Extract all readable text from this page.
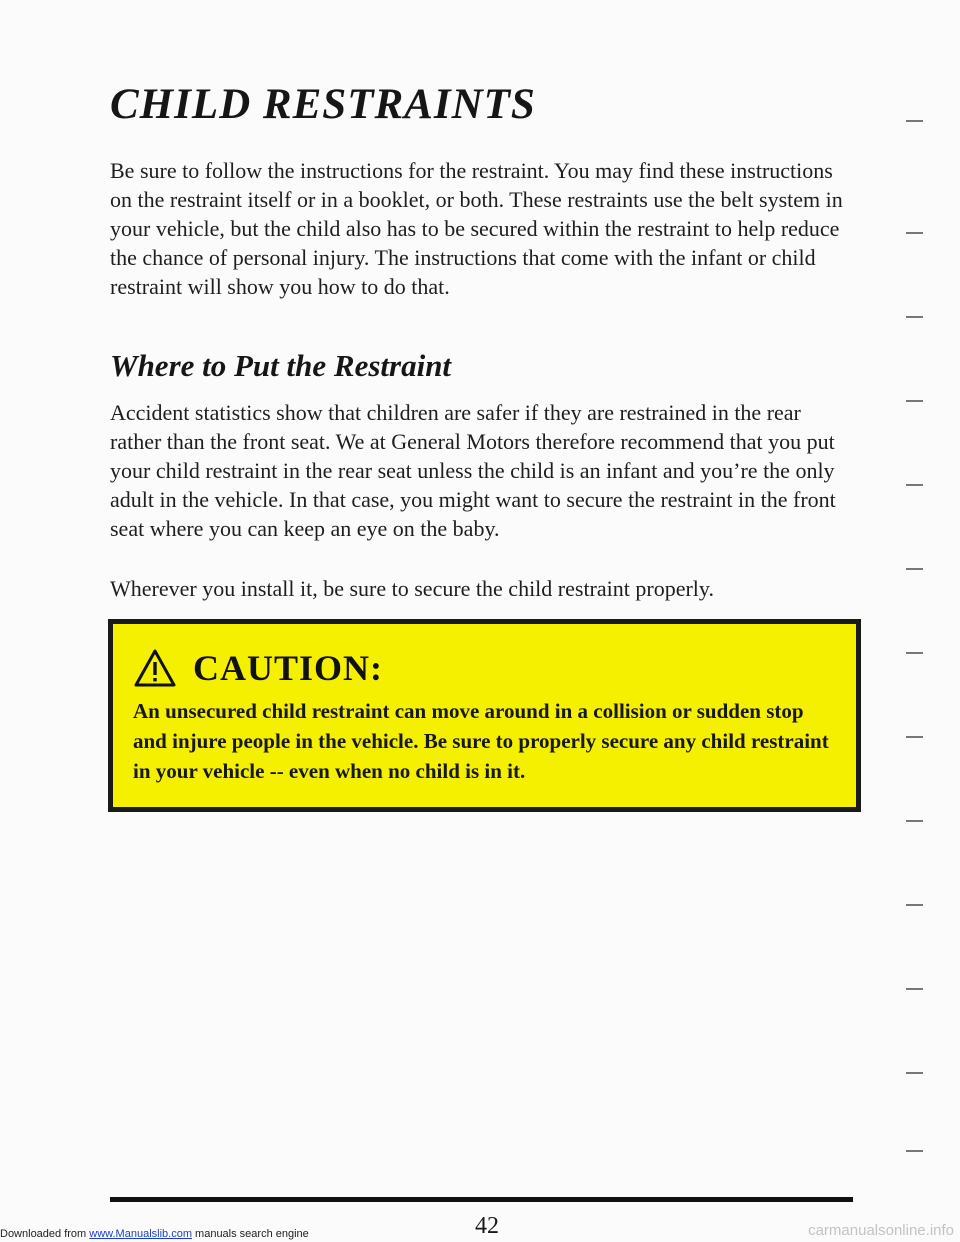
CHILD RESTRAINTS

Be sure to follow the instructions for the restraint. You may find these instructions on the restraint itself or in a booklet, or both. These restraints use the belt system in your vehicle, but the child also has to be secured within the restraint to help reduce the chance of personal injury. The instructions that come with the infant or child restraint will show you how to do that.

Where to Put the Restraint

Accident statistics show that children are safer if they are restrained in the rear rather than the front seat. We at General Motors therefore recommend that you put your child restraint in the rear seat unless the child is an infant and you’re the only adult in the vehicle. In that case, you might want to secure the restraint in the front seat where you can keep an eye on the baby.

Wherever you install it, be sure to secure the child restraint properly.

CAUTION:

An unsecured child restraint can move around in a collision or sudden stop and injure people in the vehicle. Be sure to properly secure any child restraint in your vehicle -- even when no child is in it.

42
Downloaded from www.Manualslib.com manuals search engine	carmanualsonline.info
